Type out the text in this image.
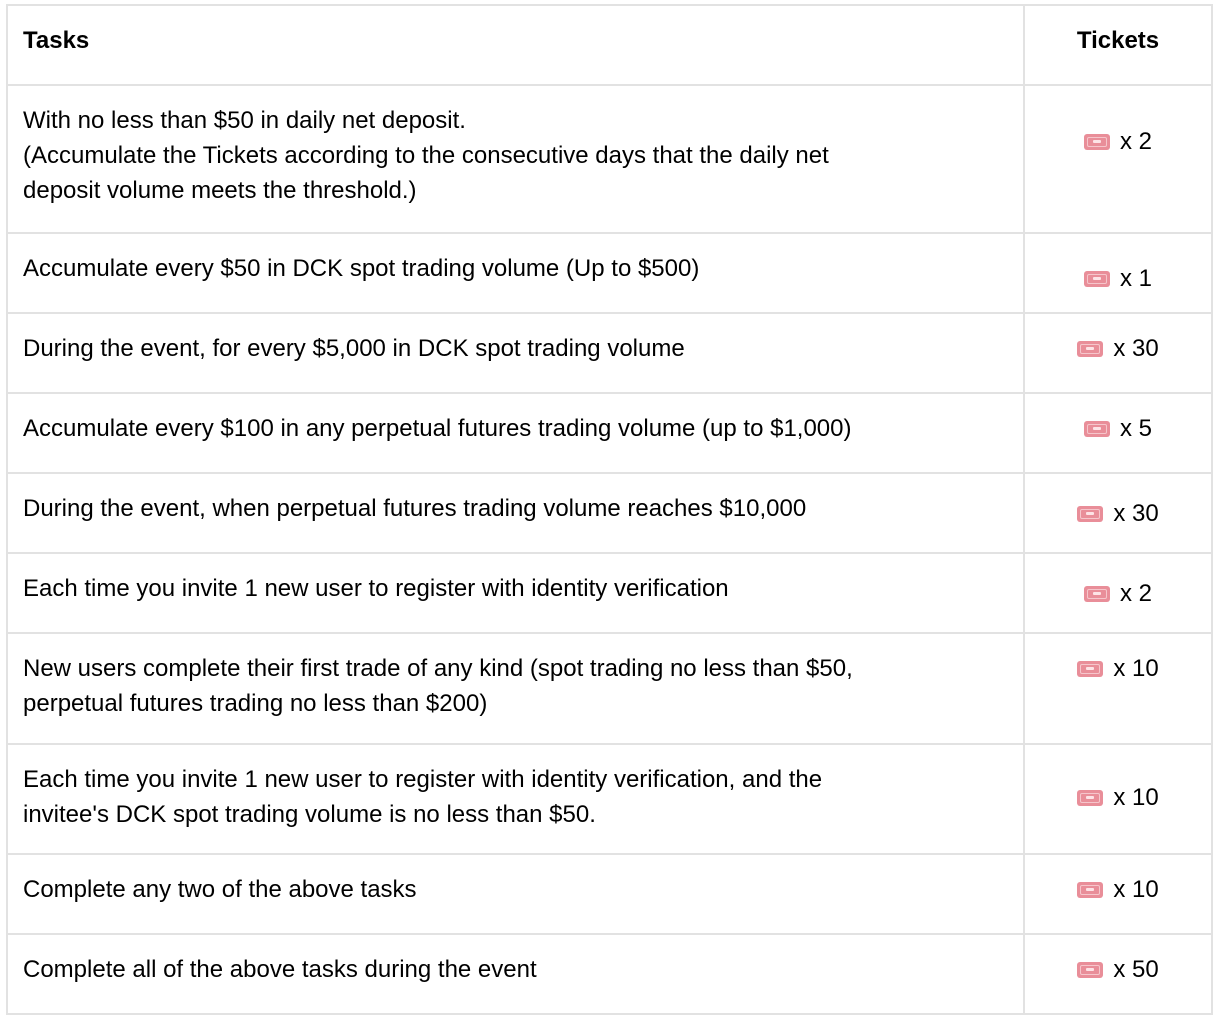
Tasks	Tickets

With no less than $50 in daily net deposit.
(Accumulate the Tickets according to the consecutive days that the daily net
deposit volume meets the threshold.)	x 2

Accumulate every $50 in DCK spot trading volume (Up to $500)	x 1

During the event, for every $5,000 in DCK spot trading volume	x 30

Accumulate every $100 in any perpetual futures trading volume (up to $1,000)	x 5

During the event, when perpetual futures trading volume reaches $10,000	x 30

Each time you invite 1 new user to register with identity verification	x 2

New users complete their first trade of any kind (spot trading no less than $50,
perpetual futures trading no less than $200)	x 10

Each time you invite 1 new user to register with identity verification, and the
invitee's DCK spot trading volume is no less than $50.	x 10

Complete any two of the above tasks	x 10

Complete all of the above tasks during the event	x 50
